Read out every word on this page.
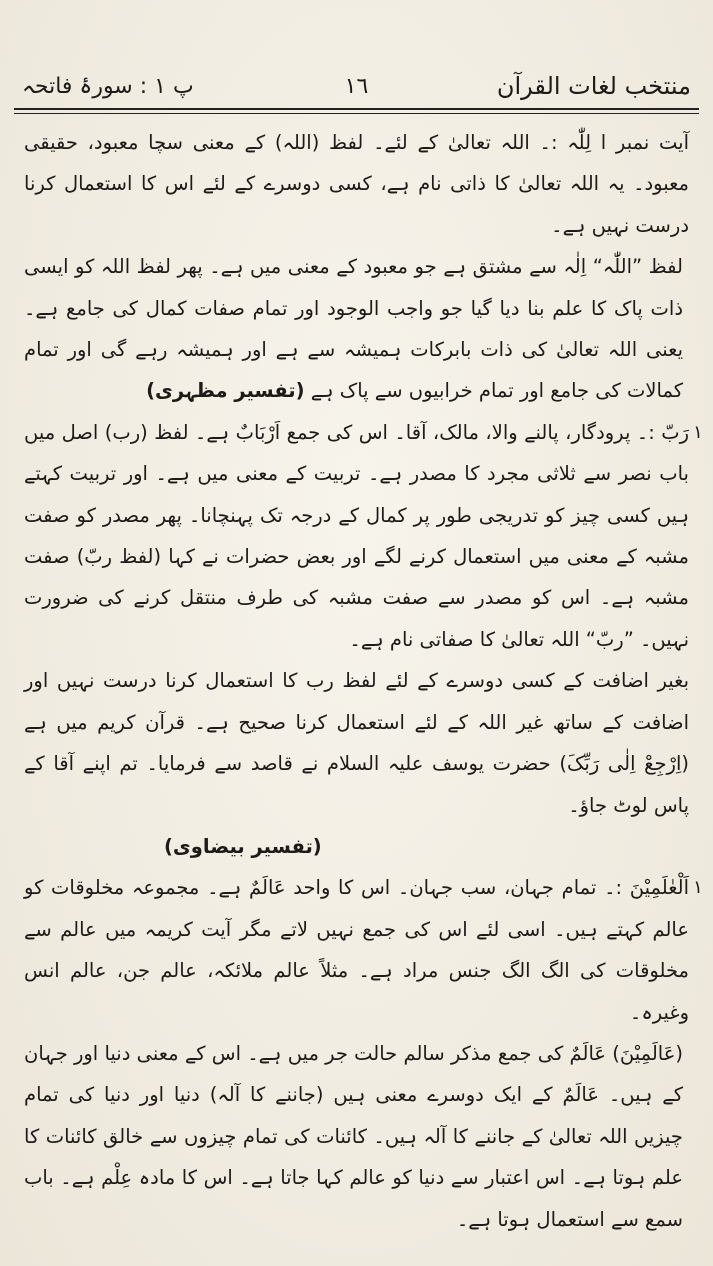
منتخب لغات القرآن
١٦
پ ۱ : سورۂ فاتحہ

آیت نمبر ا لِلّٰہ :۔ اللہ تعالیٰ کے لئے۔ لفظ (اللہ) کے معنی سچا معبود، حقیقی معبود۔ یہ اللہ تعالیٰ کا ذاتی نام ہے، کسی دوسرے کے لئے اس کا استعمال کرنا درست نہیں ہے۔

لفظ ”اللّٰہ“ اِلٰہ سے مشتق ہے جو معبود کے معنی میں ہے۔ پھر لفظ اللہ کو ایسی ذات پاک کا علم بنا دیا گیا جو واجب الوجود اور تمام صفات کمال کی جامع ہے۔ یعنی اللہ تعالیٰ کی ذات بابرکات ہمیشہ سے ہے اور ہمیشہ رہے گی اور تمام کمالات کی جامع اور تمام خرابیوں سے پاک ہے (تفسیر مظہری)

۱

رَبّ :۔ پرودگار، پالنے والا، مالک، آقا۔ اس کی جمع اَرْبَابٌ ہے۔ لفظ (رب) اصل میں باب نصر سے ثلاثی مجرد کا مصدر ہے۔ تربیت کے معنی میں ہے۔ اور تربیت کہتے ہیں کسی چیز کو تدریجی طور پر کمال کے درجہ تک پہنچانا۔ پھر مصدر کو صفت مشبہ کے معنی میں استعمال کرنے لگے اور بعض حضرات نے کہا (لفظ ربّ) صفت مشبہ ہے۔ اس کو مصدر سے صفت مشبہ کی طرف منتقل کرنے کی ضرورت نہیں۔ ”ربّ“ اللہ تعالیٰ کا صفاتی نام ہے۔

بغیر اضافت کے کسی دوسرے کے لئے لفظ رب کا استعمال کرنا درست نہیں اور اضافت کے ساتھ غیر اللہ کے لئے استعمال کرنا صحیح ہے۔ قرآن کریم میں ہے (اِرْجِعْ اِلٰی رَبِّکَ) حضرت یوسف علیہ السلام نے قاصد سے فرمایا۔ تم اپنے آقا کے پاس لوٹ جاؤ۔

(تفسیر بیضاوی)

۱

اَلْعٰلَمِیْنَ :۔ تمام جہان، سب جہان۔ اس کا واحد عَالَمٌ ہے۔ مجموعہ مخلوقات کو عالم کہتے ہیں۔ اسی لئے اس کی جمع نہیں لاتے مگر آیت کریمہ میں عالم سے مخلوقات کی الگ الگ جنس مراد ہے۔ مثلاً عالم ملائکہ، عالم جن، عالم انس وغیرہ۔

(عَالَمِیْنَ) عَالَمٌ کی جمع مذکر سالم حالت جر میں ہے۔ اس کے معنی دنیا اور جہان کے ہیں۔ عَالَمٌ کے ایک دوسرے معنی ہیں (جاننے کا آلہ) دنیا اور دنیا کی تمام چیزیں اللہ تعالیٰ کے جاننے کا آلہ ہیں۔ کائنات کی تمام چیزوں سے خالق کائنات کا علم ہوتا ہے۔ اس اعتبار سے دنیا کو عالم کہا جاتا ہے۔ اس کا مادہ عِلْم ہے۔ باب سمع سے استعمال ہوتا ہے۔
